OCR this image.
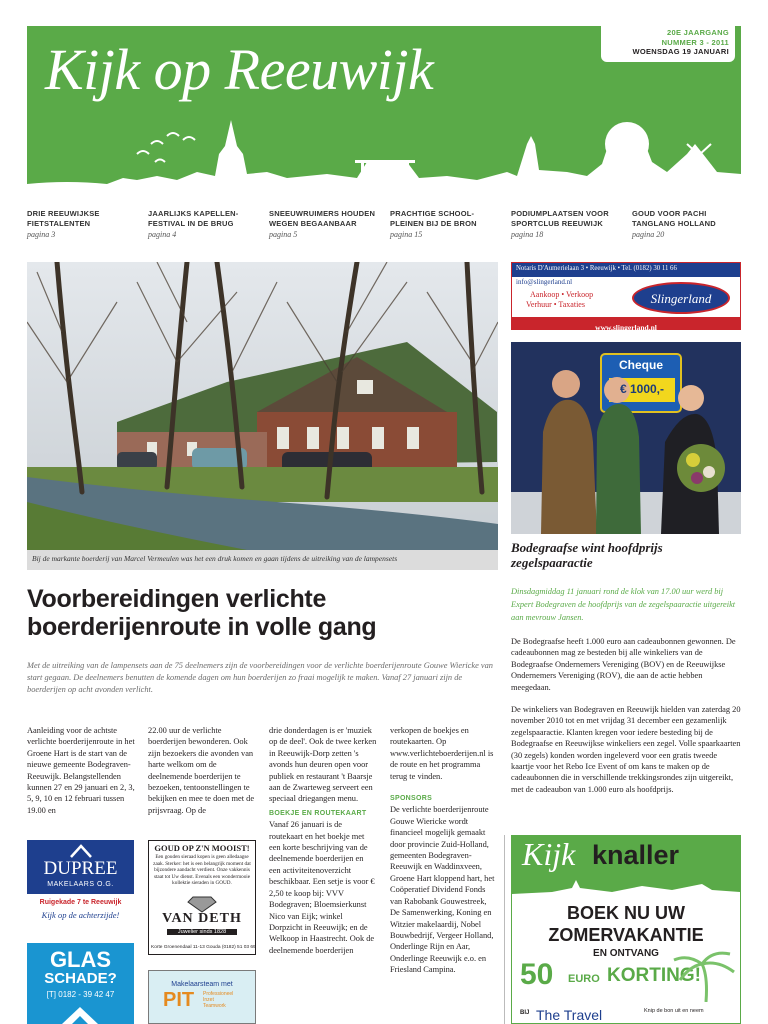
Kijk op Reeuwijk
20E JAARGANG
NUMMER 3 - 2011
WOENSDAG 19 JANUARI
DRIE REEUWIJKSE FIETSTALENTEN
pagina 3
JAARLIJKS KAPELLEN-FESTIVAL IN DE BRUG
pagina 4
SNEEUWRUIMERS HOUDEN WEGEN BEGAANBAAR
pagina 5
PRACHTIGE SCHOOL-PLEINEN BIJ DE BRON
pagina 15
PODIUMPLAATSEN VOOR SPORTCLUB REEUWIJK
pagina 18
GOUD VOOR PACHI TANGLANG HOLLAND
pagina 20
Bij de markante boerderij van Marcel Vermeulen was het een druk komen en gaan tijdens de uitreiking van de lampensets
Voorbereidingen verlichte boerderijenroute in volle gang
Met de uitreiking van de lampensets aan de 75 deelnemers zijn de voorbereidingen voor de verlichte boerderijenroute Gouwe Wiericke van start gegaan. De deelnemers benutten de komende dagen om hun boerderijen zo fraai mogelijk te maken. Vanaf 27 januari zijn de boerderijen op acht avonden verlicht.

Aanleiding voor de achtste verlichte boerderijenroute in het Groene Hart is de start van de nieuwe gemeente Bodegraven-Reeuwijk. Belangstellenden kunnen 27 en 29 januari en 2, 3, 5, 9, 10 en 12 februari tussen 19.00 en

22.00 uur de verlichte boerderijen bewonderen. Ook zijn bezoekers die avonden van harte welkom om de deelnemende boerderijen te bezoeken, tentoonstellingen te bekijken en mee te doen met de prijsvraag. Op de

drie donderdagen is er 'muziek op de deel'. Ook de twee kerken in Reeuwijk-Dorp zetten 's avonds hun deuren open voor publiek en restaurant 't Baarsje aan de Zwarteweg serveert een speciaal driegangen menu.

BOEKJE EN ROUTEKAART

Vanaf 26 januari is de routekaart en het boekje met een korte beschrijving van de deelnemende boerderijen en een activiteitenoverzicht beschikbaar. Een setje is voor € 2,50 te koop bij: VVV Bodegraven; Bloemsierkunst Nico van Eijk; winkel Dorpzicht in Reeuwijk; en de Welkoop in Haastrecht. Ook de deelnemende boerderijen

verkopen de boekjes en routekaarten. Op www.verlichteboerderijen.nl is de route en het programma terug te vinden.

SPONSORS

De verlichte boerderijenroute Gouwe Wiericke wordt financieel mogelijk gemaakt door provincie Zuid-Holland, gemeenten Bodegraven-Reeuwijk en Waddinxveen, Groene Hart kloppend hart, het Coöperatief Dividend Fonds van Rabobank Gouwestreek, De Samenwerking, Koning en Witzier makelaardij, Nobel Bouwbedrijf, Vergeer Holland, Onderlinge Rijn en Aar, Onderlinge Reeuwijk e.o. en Friesland Campina.

Notaris D'Aumerielaan 3 • Reeuwijk • Tel. (0182) 30 11 66
info@slingerland.nl
Aankoop • Verkoop
Verhuur • Taxaties	Slingerland
www.slingerland.nl
Cheque
€ 1000,-
Bodegraafse wint hoofdprijs zegelspaaractie
Dinsdagmiddag 11 januari rond de klok van 17.00 uur werd bij Expert Bodegraven de hoofdprijs van de zegelspaaractie uitgereikt aan mevrouw Jansen.

De Bodegraafse heeft 1.000 euro aan cadeaubonnen gewonnen. De cadeaubonnen mag ze besteden bij alle winkeliers van de Bodegraafse Ondernemers Vereniging (BOV) en de Reeuwijkse Ondernemers Vereniging (ROV), die aan de actie hebben meegedaan.

De winkeliers van Bodegraven en Reeuwijk hielden van zaterdag 20 november 2010 tot en met vrijdag 31 december een gezamenlijk zegelspaaractie. Klanten kregen voor iedere besteding bij de Bodegraafse en Reeuwijkse winkeliers een zegel. Volle spaarkaarten (30 zegels) konden worden ingeleverd voor een gratis tweede kaartje voor het Rebo Ice Event of om kans te maken op de cadeaubonnen die in verschillende trekkingsrondes zijn uitgereikt, met de cadeaubon van 1.000 euro als hoofdprijs.

DUPREE
MAKELAARS O.G.
Ruigekade 7 te Reeuwijk
Kijk op de achterzijde!
GLAS
SCHADE?
[T] 0182 - 39 42 47
GOUD OP Z'N MOOIST!
Een gouden sieraad kopen is geen alledaagse zaak. Sterker: het is een belangrijk moment dat bijzondere aandacht verdient. Onze vakkennis staat tot Uw dienst. Evenals een wondermooie kollektie sieraden in GOUD.
VAN DETH
Juwelier sinds 1828
Korte Groenendaal 11-13 Gouda (0182) 51 03 69
Makelaarsteam met
PIT Professioneel
Inzet
Teamwork
Kijk knaller
BOEK NU UW
ZOMERVAKANTIE
EN ONTVANG
50 EURO KORTING!
BIJ The Travel	Knip de bon uit en neem
